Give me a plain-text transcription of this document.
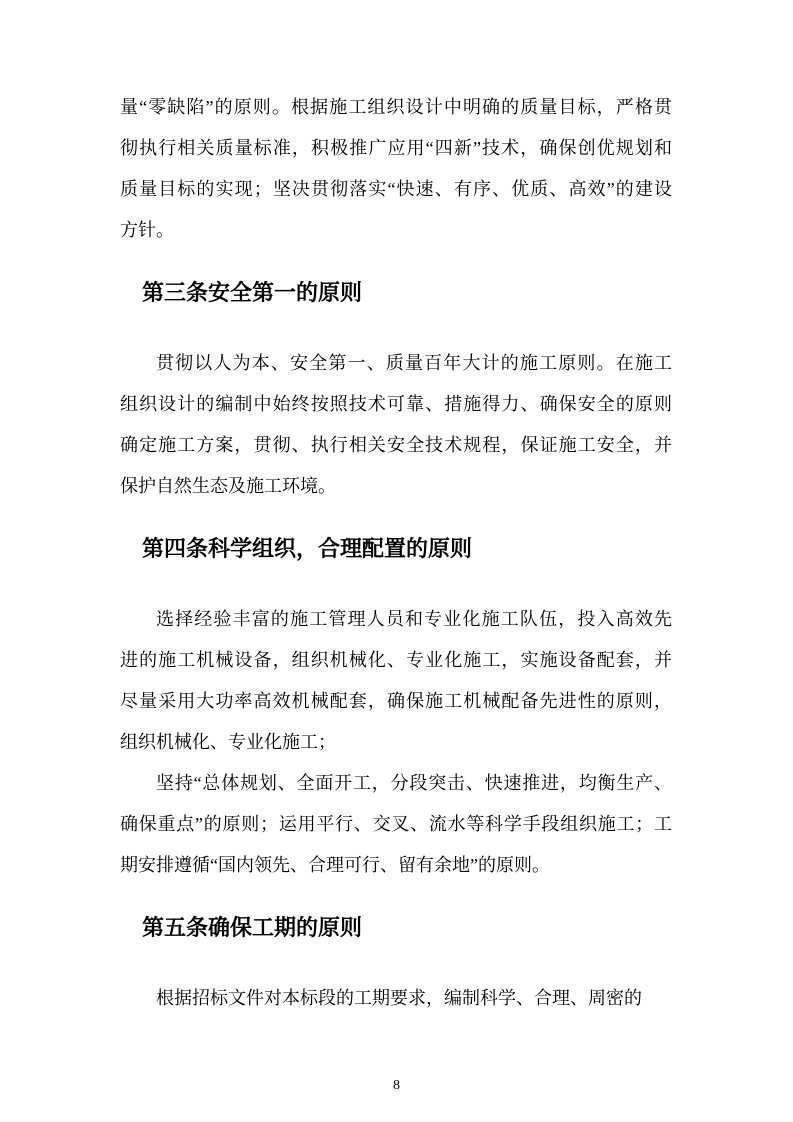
量“零缺陷”的原则。根据施工组织设计中明确的质量目标，严格贯
彻执行相关质量标准，积极推广应用“四新”技术，确保创优规划和
质量目标的实现；坚决贯彻落实“快速、有序、优质、高效”的建设
方针。
第三条安全第一的原则
贯彻以人为本、安全第一、质量百年大计的施工原则。在施工
组织设计的编制中始终按照技术可靠、措施得力、确保安全的原则
确定施工方案，贯彻、执行相关安全技术规程，保证施工安全，并
保护自然生态及施工环境。
第四条科学组织，合理配置的原则
选择经验丰富的施工管理人员和专业化施工队伍，投入高效先
进的施工机械设备，组织机械化、专业化施工，实施设备配套，并
尽量采用大功率高效机械配套，确保施工机械配备先进性的原则，
组织机械化、专业化施工；
坚持“总体规划、全面开工，分段突击、快速推进，均衡生产、
确保重点”的原则；运用平行、交叉、流水等科学手段组织施工；工
期安排遵循“国内领先、合理可行、留有余地”的原则。
第五条确保工期的原则
根据招标文件对本标段的工期要求，编制科学、合理、周密的
8
